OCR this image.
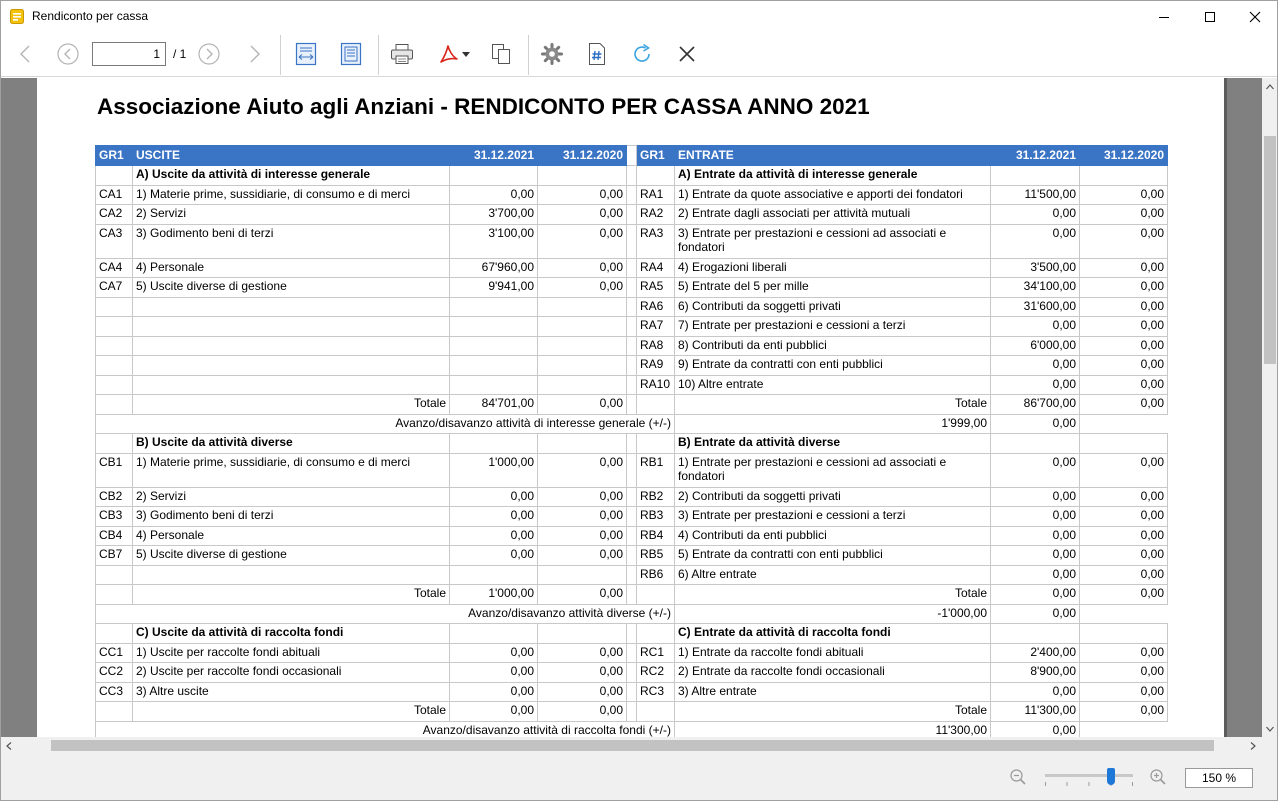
Rendiconto per cassa
1	/ 1
Associazione Aiuto agli Anziani - RENDICONTO PER CASSA ANNO 2021
GR1	USCITE	31.12.2021	31.12.2020		GR1	ENTRATE	31.12.2021	31.12.2020
	A) Uscite da attività di interesse generale					A) Entrate da attività di interesse generale		
CA1	1) Materie prime, sussidiarie, di consumo e di merci	0,00	0,00		RA1	1) Entrate da quote associative e apporti dei fondatori	11'500,00	0,00
CA2	2) Servizi	3'700,00	0,00		RA2	2) Entrate dagli associati per attività mutuali	0,00	0,00
CA3	3) Godimento beni di terzi	3'100,00	0,00		RA3	3) Entrate per prestazioni e cessioni ad associati e fondatori	0,00	0,00
CA4	4) Personale	67'960,00	0,00		RA4	4) Erogazioni liberali	3'500,00	0,00
CA7	5) Uscite diverse di gestione	9'941,00	0,00		RA5	5) Entrate del 5 per mille	34'100,00	0,00
					RA6	6) Contributi da soggetti privati	31'600,00	0,00
					RA7	7) Entrate per prestazioni e cessioni a terzi	0,00	0,00
					RA8	8) Contributi da enti pubblici	6'000,00	0,00
					RA9	9) Entrate da contratti con enti pubblici	0,00	0,00
					RA10	10) Altre entrate	0,00	0,00
	Totale	84'701,00	0,00			Totale	86'700,00	0,00
Avanzo/disavanzo attività di interesse generale (+/-)						1'999,00	0,00	
	B) Uscite da attività diverse					B) Entrate da attività diverse		
CB1	1) Materie prime, sussidiarie, di consumo e di merci	1'000,00	0,00		RB1	1) Entrate per prestazioni e cessioni ad associati e fondatori	0,00	0,00
CB2	2) Servizi	0,00	0,00		RB2	2) Contributi da soggetti privati	0,00	0,00
CB3	3) Godimento beni di terzi	0,00	0,00		RB3	3) Entrate per prestazioni e cessioni a terzi	0,00	0,00
CB4	4) Personale	0,00	0,00		RB4	4) Contributi da enti pubblici	0,00	0,00
CB7	5) Uscite diverse di gestione	0,00	0,00		RB5	5) Entrate da contratti con enti pubblici	0,00	0,00
					RB6	6) Altre entrate	0,00	0,00
	Totale	1'000,00	0,00			Totale	0,00	0,00
Avanzo/disavanzo attività diverse (+/-)						-1'000,00	0,00	
	C) Uscite da attività di raccolta fondi					C) Entrate da attività di raccolta fondi		
CC1	1) Uscite per raccolte fondi abituali	0,00	0,00		RC1	1) Entrate da raccolte fondi abituali	2'400,00	0,00
CC2	2) Uscite per raccolte fondi occasionali	0,00	0,00		RC2	2) Entrate da raccolte fondi occasionali	8'900,00	0,00
CC3	3) Altre uscite	0,00	0,00		RC3	3) Altre entrate	0,00	0,00
	Totale	0,00	0,00			Totale	11'300,00	0,00
Avanzo/disavanzo attività di raccolta fondi (+/-)						11'300,00	0,00	
150 %
